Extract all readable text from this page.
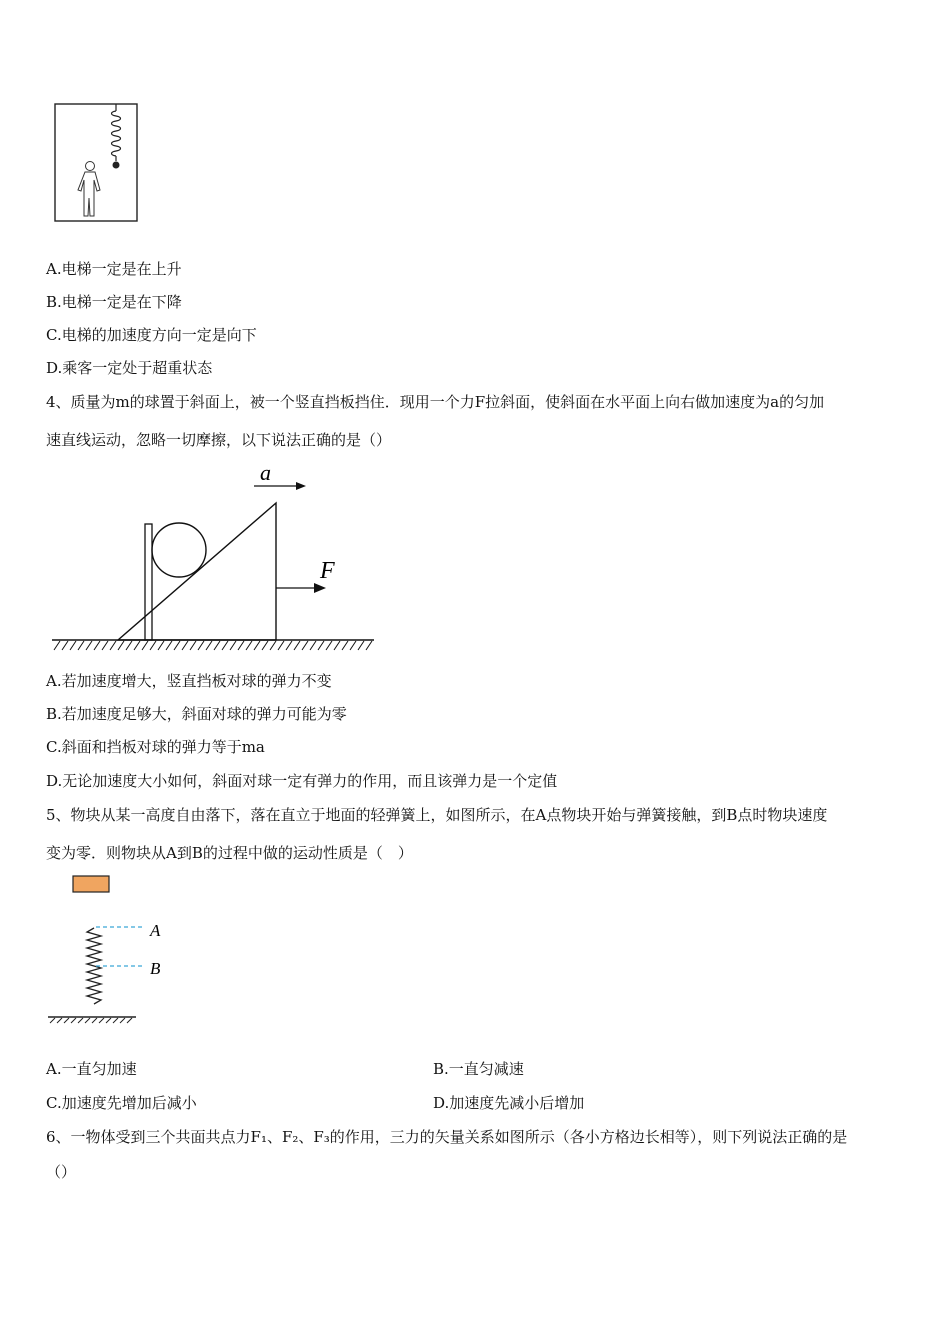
A.电梯一定是在上升
B.电梯一定是在下降
C.电梯的加速度方向一定是向下
D.乘客一定处于超重状态
4、质量为m的球置于斜面上，被一个竖直挡板挡住．现用一个力F拉斜面，使斜面在水平面上向右做加速度为a的匀加
速直线运动，忽略一切摩擦，以下说法正确的是（）
a
F
A.若加速度增大，竖直挡板对球的弹力不变
B.若加速度足够大，斜面对球的弹力可能为零
C.斜面和挡板对球的弹力等于ma
D.无论加速度大小如何，斜面对球一定有弹力的作用，而且该弹力是一个定值
5、物块从某一高度自由落下，落在直立于地面的轻弹簧上，如图所示，在A点物块开始与弹簧接触，到B点时物块速度
变为零．则物块从A到B的过程中做的运动性质是（　）
A
B
A.一直匀加速	B.一直匀减速
C.加速度先增加后减小	D.加速度先减小后增加
6、一物体受到三个共面共点力F₁、F₂、F₃的作用，三力的矢量关系如图所示（各小方格边长相等），则下列说法正确的是
（）
